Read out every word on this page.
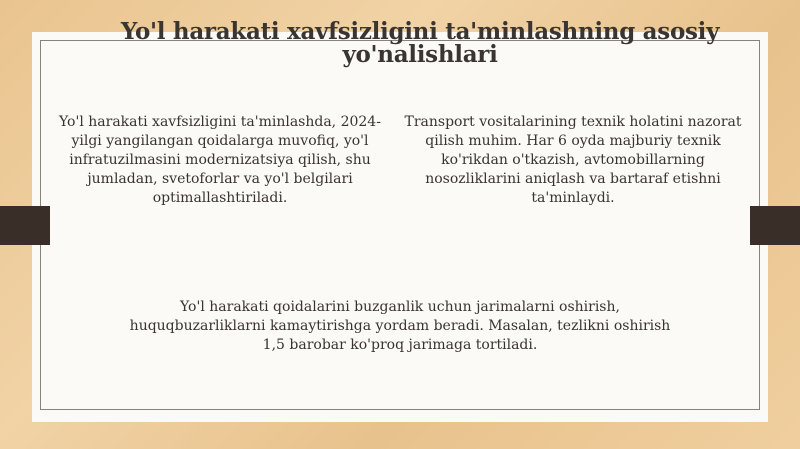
Yo'l harakati xavfsizligini ta'minlashning asosiy yo'nalishlari
Yo'l harakati xavfsizligini ta'minlashda, 2024-yilgi yangilangan qoidalarga muvofiq, yo'l infratuzilmasini modernizatsiya qilish, shu jumladan, svetoforlar va yo'l belgilari optimallashtiriladi.
Transport vositalarining texnik holatini nazorat qilish muhim. Har 6 oyda majburiy texnik ko'rikdan o'tkazish, avtomobillarning nosozliklarini aniqlash va bartaraf etishni ta'minlaydi.
Yo'l harakati qoidalarini buzganlik uchun jarimalarni oshirish, huquqbuzarliklarni kamaytirishga yordam beradi. Masalan, tezlikni oshirish 1,5 barobar ko'proq jarimaga tortiladi.
